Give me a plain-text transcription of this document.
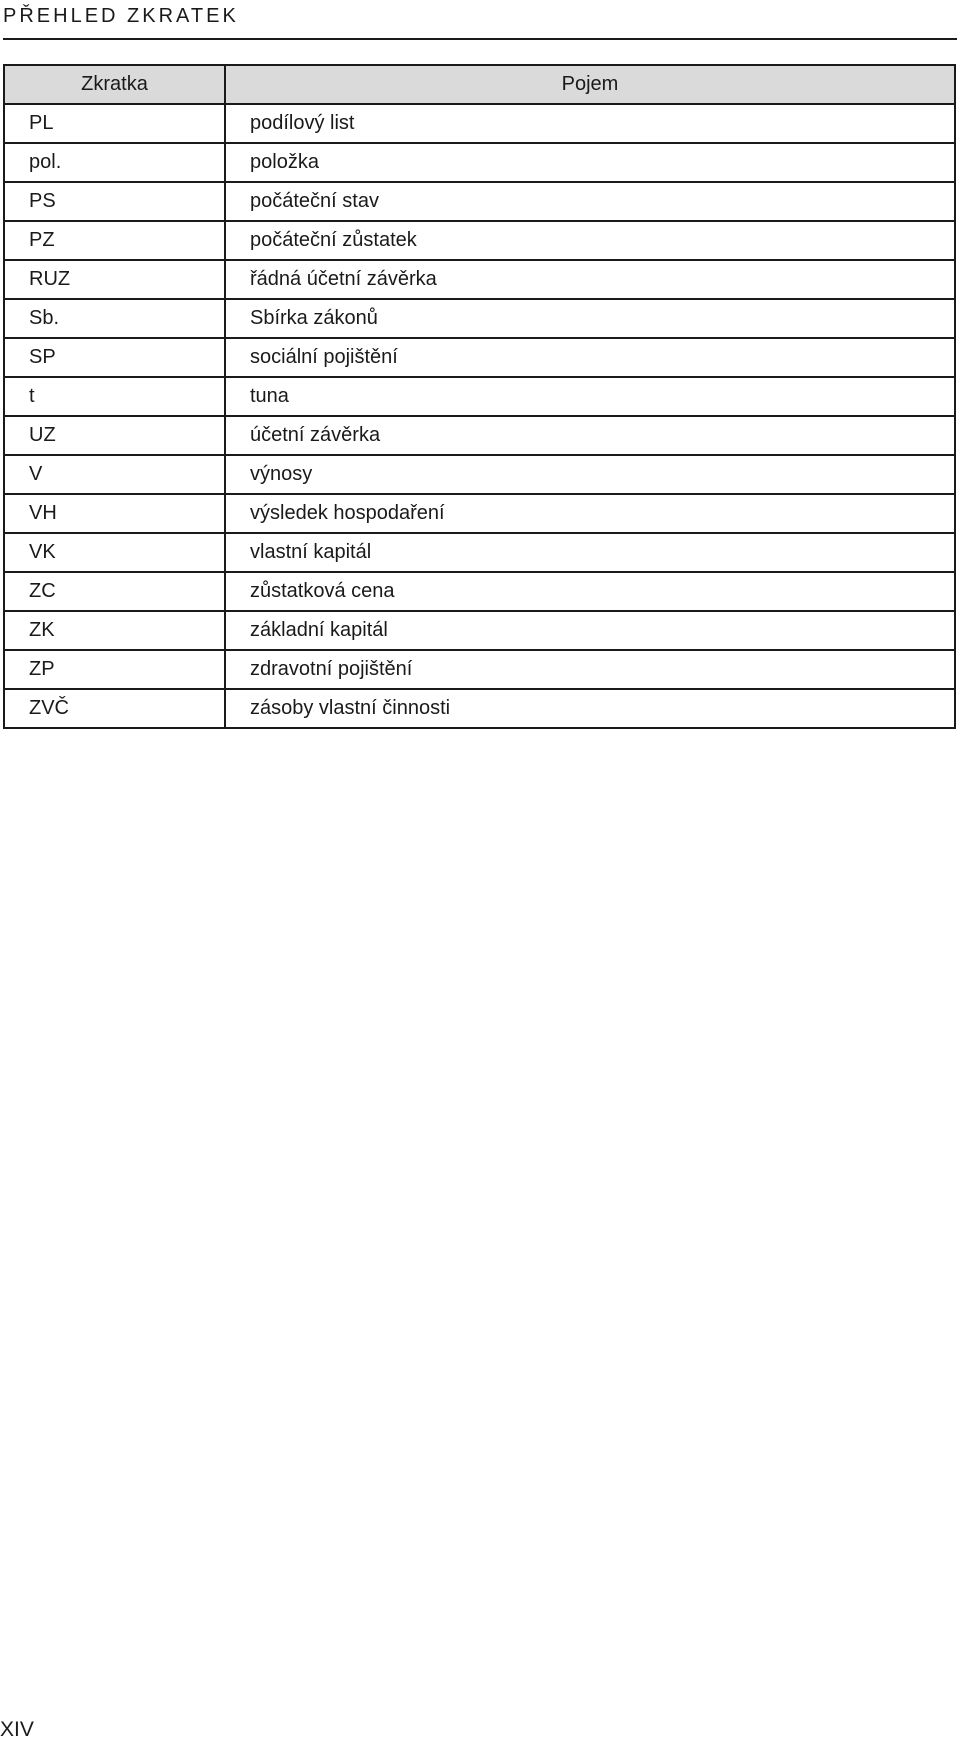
PŘEHLED ZKRATEK
Zkratka	Pojem
PL	podílový list
pol.	položka
PS	počáteční stav
PZ	počáteční zůstatek
RUZ	řádná účetní závěrka
Sb.	Sbírka zákonů
SP	sociální pojištění
t	tuna
UZ	účetní závěrka
V	výnosy
VH	výsledek hospodaření
VK	vlastní kapitál
ZC	zůstatková cena
ZK	základní kapitál
ZP	zdravotní pojištění
ZVČ	zásoby vlastní činnosti
XIV
